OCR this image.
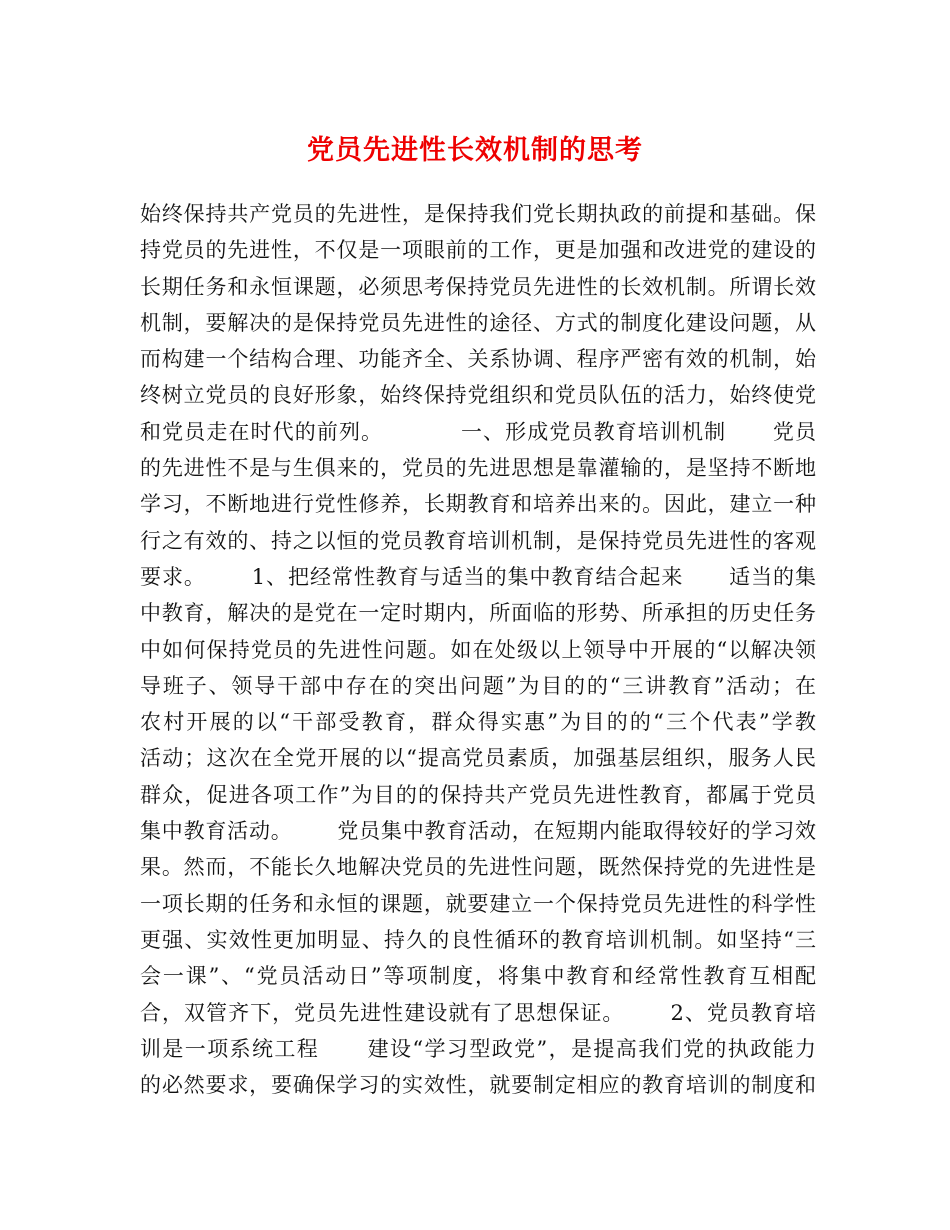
党员先进性长效机制的思考
始终保持共产党员的先进性，是保持我们党长期执政的前提和基础。保
持党员的先进性，不仅是一项眼前的工作，更是加强和改进党的建设的
长期任务和永恒课题，必须思考保持党员先进性的长效机制。所谓长效
机制，要解决的是保持党员先进性的途径、方式的制度化建设问题，从
而构建一个结构合理、功能齐全、关系协调、程序严密有效的机制，始
终树立党员的良好形象，始终保持党组织和党员队伍的活力，始终使党
和党员走在时代的前列。          一、形成党员教育培训机制      党员
的先进性不是与生俱来的，党员的先进思想是靠灌输的，是坚持不断地
学习，不断地进行党性修养，长期教育和培养出来的。因此，建立一种
行之有效的、持之以恒的党员教育培训机制，是保持党员先进性的客观
要求。      1、把经常性教育与适当的集中教育结合起来      适当的集
中教育，解决的是党在一定时期内，所面临的形势、所承担的历史任务
中如何保持党员的先进性问题。如在处级以上领导中开展的“以解决领
导班子、领导干部中存在的突出问题”为目的的“三讲教育”活动；在
农村开展的以“干部受教育，群众得实惠”为目的的“三个代表”学教
活动；这次在全党开展的以“提高党员素质，加强基层组织，服务人民
群众，促进各项工作”为目的的保持共产党员先进性教育，都属于党员
集中教育活动。      党员集中教育活动，在短期内能取得较好的学习效
果。然而，不能长久地解决党员的先进性问题，既然保持党的先进性是
一项长期的任务和永恒的课题，就要建立一个保持党员先进性的科学性
更强、实效性更加明显、持久的良性循环的教育培训机制。如坚持“三
会一课”、“党员活动日”等项制度，将集中教育和经常性教育互相配
合，双管齐下，党员先进性建设就有了思想保证。      2、党员教育培
训是一项系统工程      建设“学习型政党”，是提高我们党的执政能力
的必然要求，要确保学习的实效性，就要制定相应的教育培训的制度和
